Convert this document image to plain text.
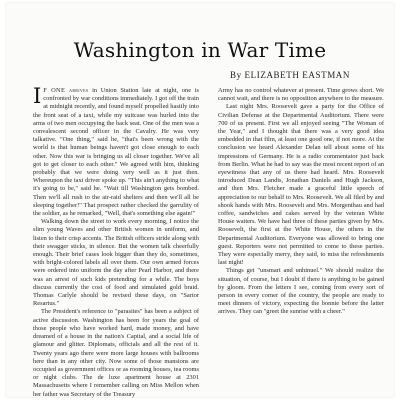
Washington in War Time
By ELIZABETH EASTMAN

I F ONE arrives in Union Station late at night, one is confronted by war conditions immediately. I got off the train at midnight recently, and found myself propelled hastily into the front seat of a taxi, while my suitcase was hurled into the arms of two men occupying the back seat. One of the men was a convalescent second officer in the Cavalry. He was very talkative. "One thing," said he, "that's been wrong with the world is that human beings haven't got close enough to each other. Now this war is bringing us all closer together. We've all got to get closer to each other." We agreed with him, thinking probably that we were doing very well as it just then. Whereupon the taxi driver spoke up. "This ain't anything to what it's going to be," said he. "Wait till Washington gets bombed. Then we'll all rush to the air-raid shelters and then we'll all be sleeping together!" That prospect rather checked the garrulity of the soldier, as he remarked, "Well, that's something else again!"

Walking down the street to work every morning, I notice the slim young Waves and other British women in uniform, and listen to their crisp accents. The British officers stride along with their swagger sticks, in silence. But the women talk cheerfully enough. Their brief cases look bigger than they do, sometimes, with bright-colored labels all over them. Our own armed forces were ordered into uniform the day after Pearl Harbor, and there was an arrest of such kids pretending for a while. The boys discuss currently the cost of food and simulated gold braid. Thomas Carlyle should be revised these days, on "Sartor Resartus."

The President's reference to "parasites" has been a subject of active discussion. Washington has been for years the goal of those people who have worked hard, made money, and have dreamed of a house in the nation's Capital, and a social life of glamour and glitter. Diplomats, officials and all the rest of it. Twenty years ago there were more large houses with ballrooms here than in any other city. Now some of those mansions are occupied as government offices or as rooming houses, tea rooms or night clubs. The de luxe apartment house at 2301 Massachusetts where I remember calling on Miss Mellon when her father was Secretary of the Treasury

Army has no control whatever at present. Time grows short. We cannot wait, and there is no opposition anywhere to the measure.

Last night Mrs. Roosevelt gave a party for the Office of Civilian Defense at the Departmental Auditorium. There were 700 of us present. First we all enjoyed seeing "The Woman of the Year," and I thought that there was a very good idea embedded in that film, at least one good one, if not more. At the conclusion we heard Alexander Delan tell about some of his impressions of Germany. He is a radio commentator just back from Berlin. What he had to say was the most recent report of an eyewitness that any of us there had heard. Mrs. Roosevelt introduced Dean Landis, Jonathan Daniels and Hugh Jackson, and then Mrs. Fletcher made a graceful little speech of appreciation to our behalf to Mrs. Roosevelt. We all filed by and shook hands with Mrs. Roosevelt and Mrs. Morgenthau and had coffee, sandwiches and cakes served by the veteran White House waiters. We have had three of these parties given by Mrs. Roosevelt, the first at the White House, the others in the Departmental Auditorium. Everyone was allowed to bring one guest. Reporters were not permitted to come to these parties. They were especially merry, they said, to miss the refreshments last night!

Things get "unsmart and unhinuel." We should realize the situation, of course, but I doubt if there is anything to be gained by gloom. From the letters I see, coming from every sort of person in every corner of the country, the people are ready to meet dinners of victory, expecting the bonnie before the latter arrives. They can "greet the sunrise with a cheer."
